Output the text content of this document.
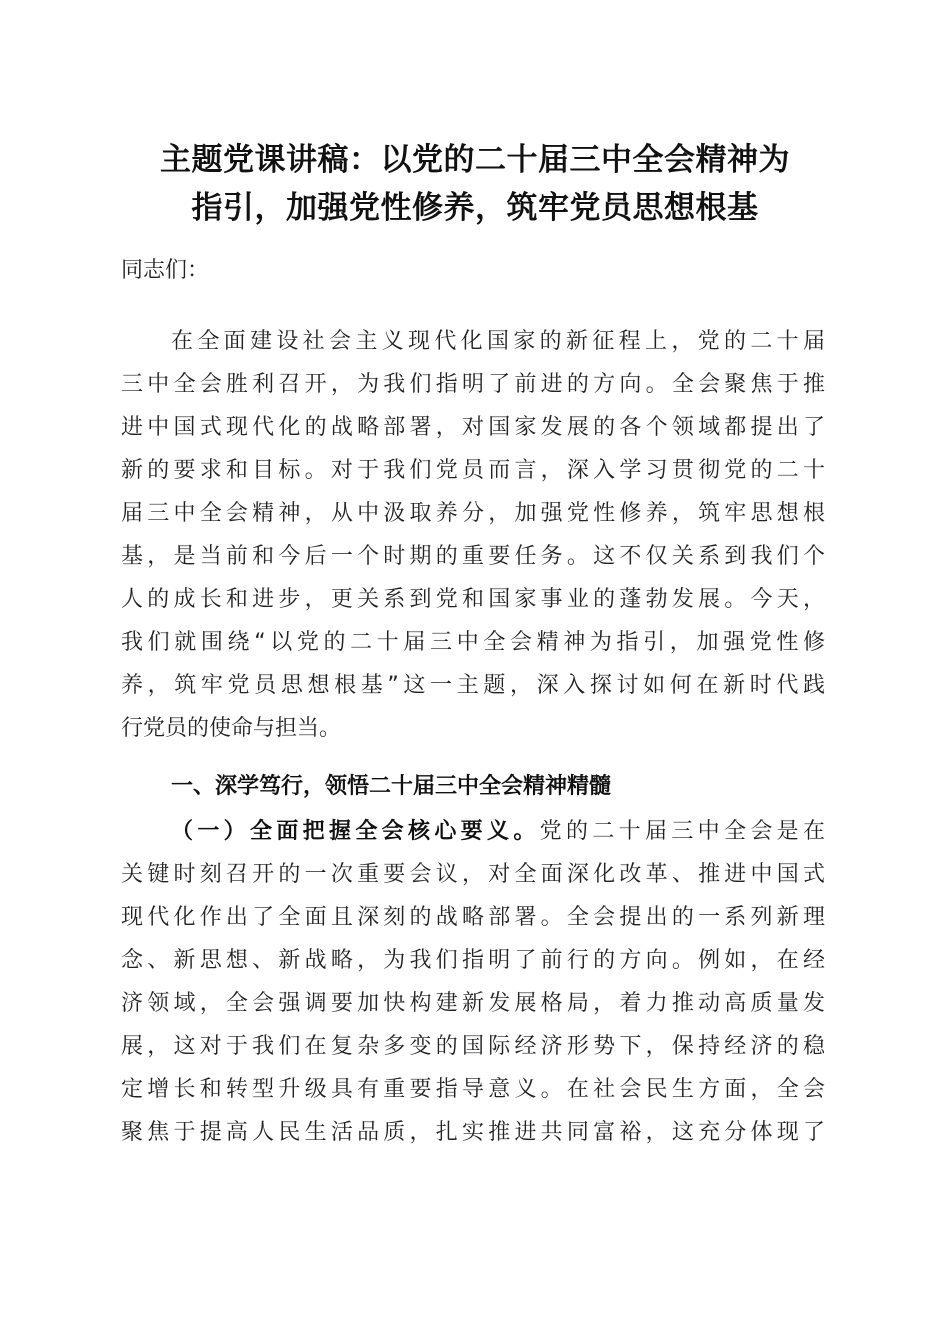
主题党课讲稿：以党的二十届三中全会精神为
指引，加强党性修养，筑牢党员思想根基
同志们：
在全面建设社会主义现代化国家的新征程上，党的二十届
三中全会胜利召开，为我们指明了前进的方向。全会聚焦于推
进中国式现代化的战略部署，对国家发展的各个领域都提出了
新的要求和目标。对于我们党员而言，深入学习贯彻党的二十
届三中全会精神，从中汲取养分，加强党性修养，筑牢思想根
基，是当前和今后一个时期的重要任务。这不仅关系到我们个
人的成长和进步，更关系到党和国家事业的蓬勃发展。今天，
我们就围绕“以党的二十届三中全会精神为指引，加强党性修
养，筑牢党员思想根基”这一主题，深入探讨如何在新时代践
行党员的使命与担当。
一、深学笃行，领悟二十届三中全会精神精髓
（一）全面把握全会核心要义。党的二十届三中全会是在
关键时刻召开的一次重要会议，对全面深化改革、推进中国式
现代化作出了全面且深刻的战略部署。全会提出的一系列新理
念、新思想、新战略，为我们指明了前行的方向。例如，在经
济领域，全会强调要加快构建新发展格局，着力推动高质量发
展，这对于我们在复杂多变的国际经济形势下，保持经济的稳
定增长和转型升级具有重要指导意义。在社会民生方面，全会
聚焦于提高人民生活品质，扎实推进共同富裕，这充分体现了
